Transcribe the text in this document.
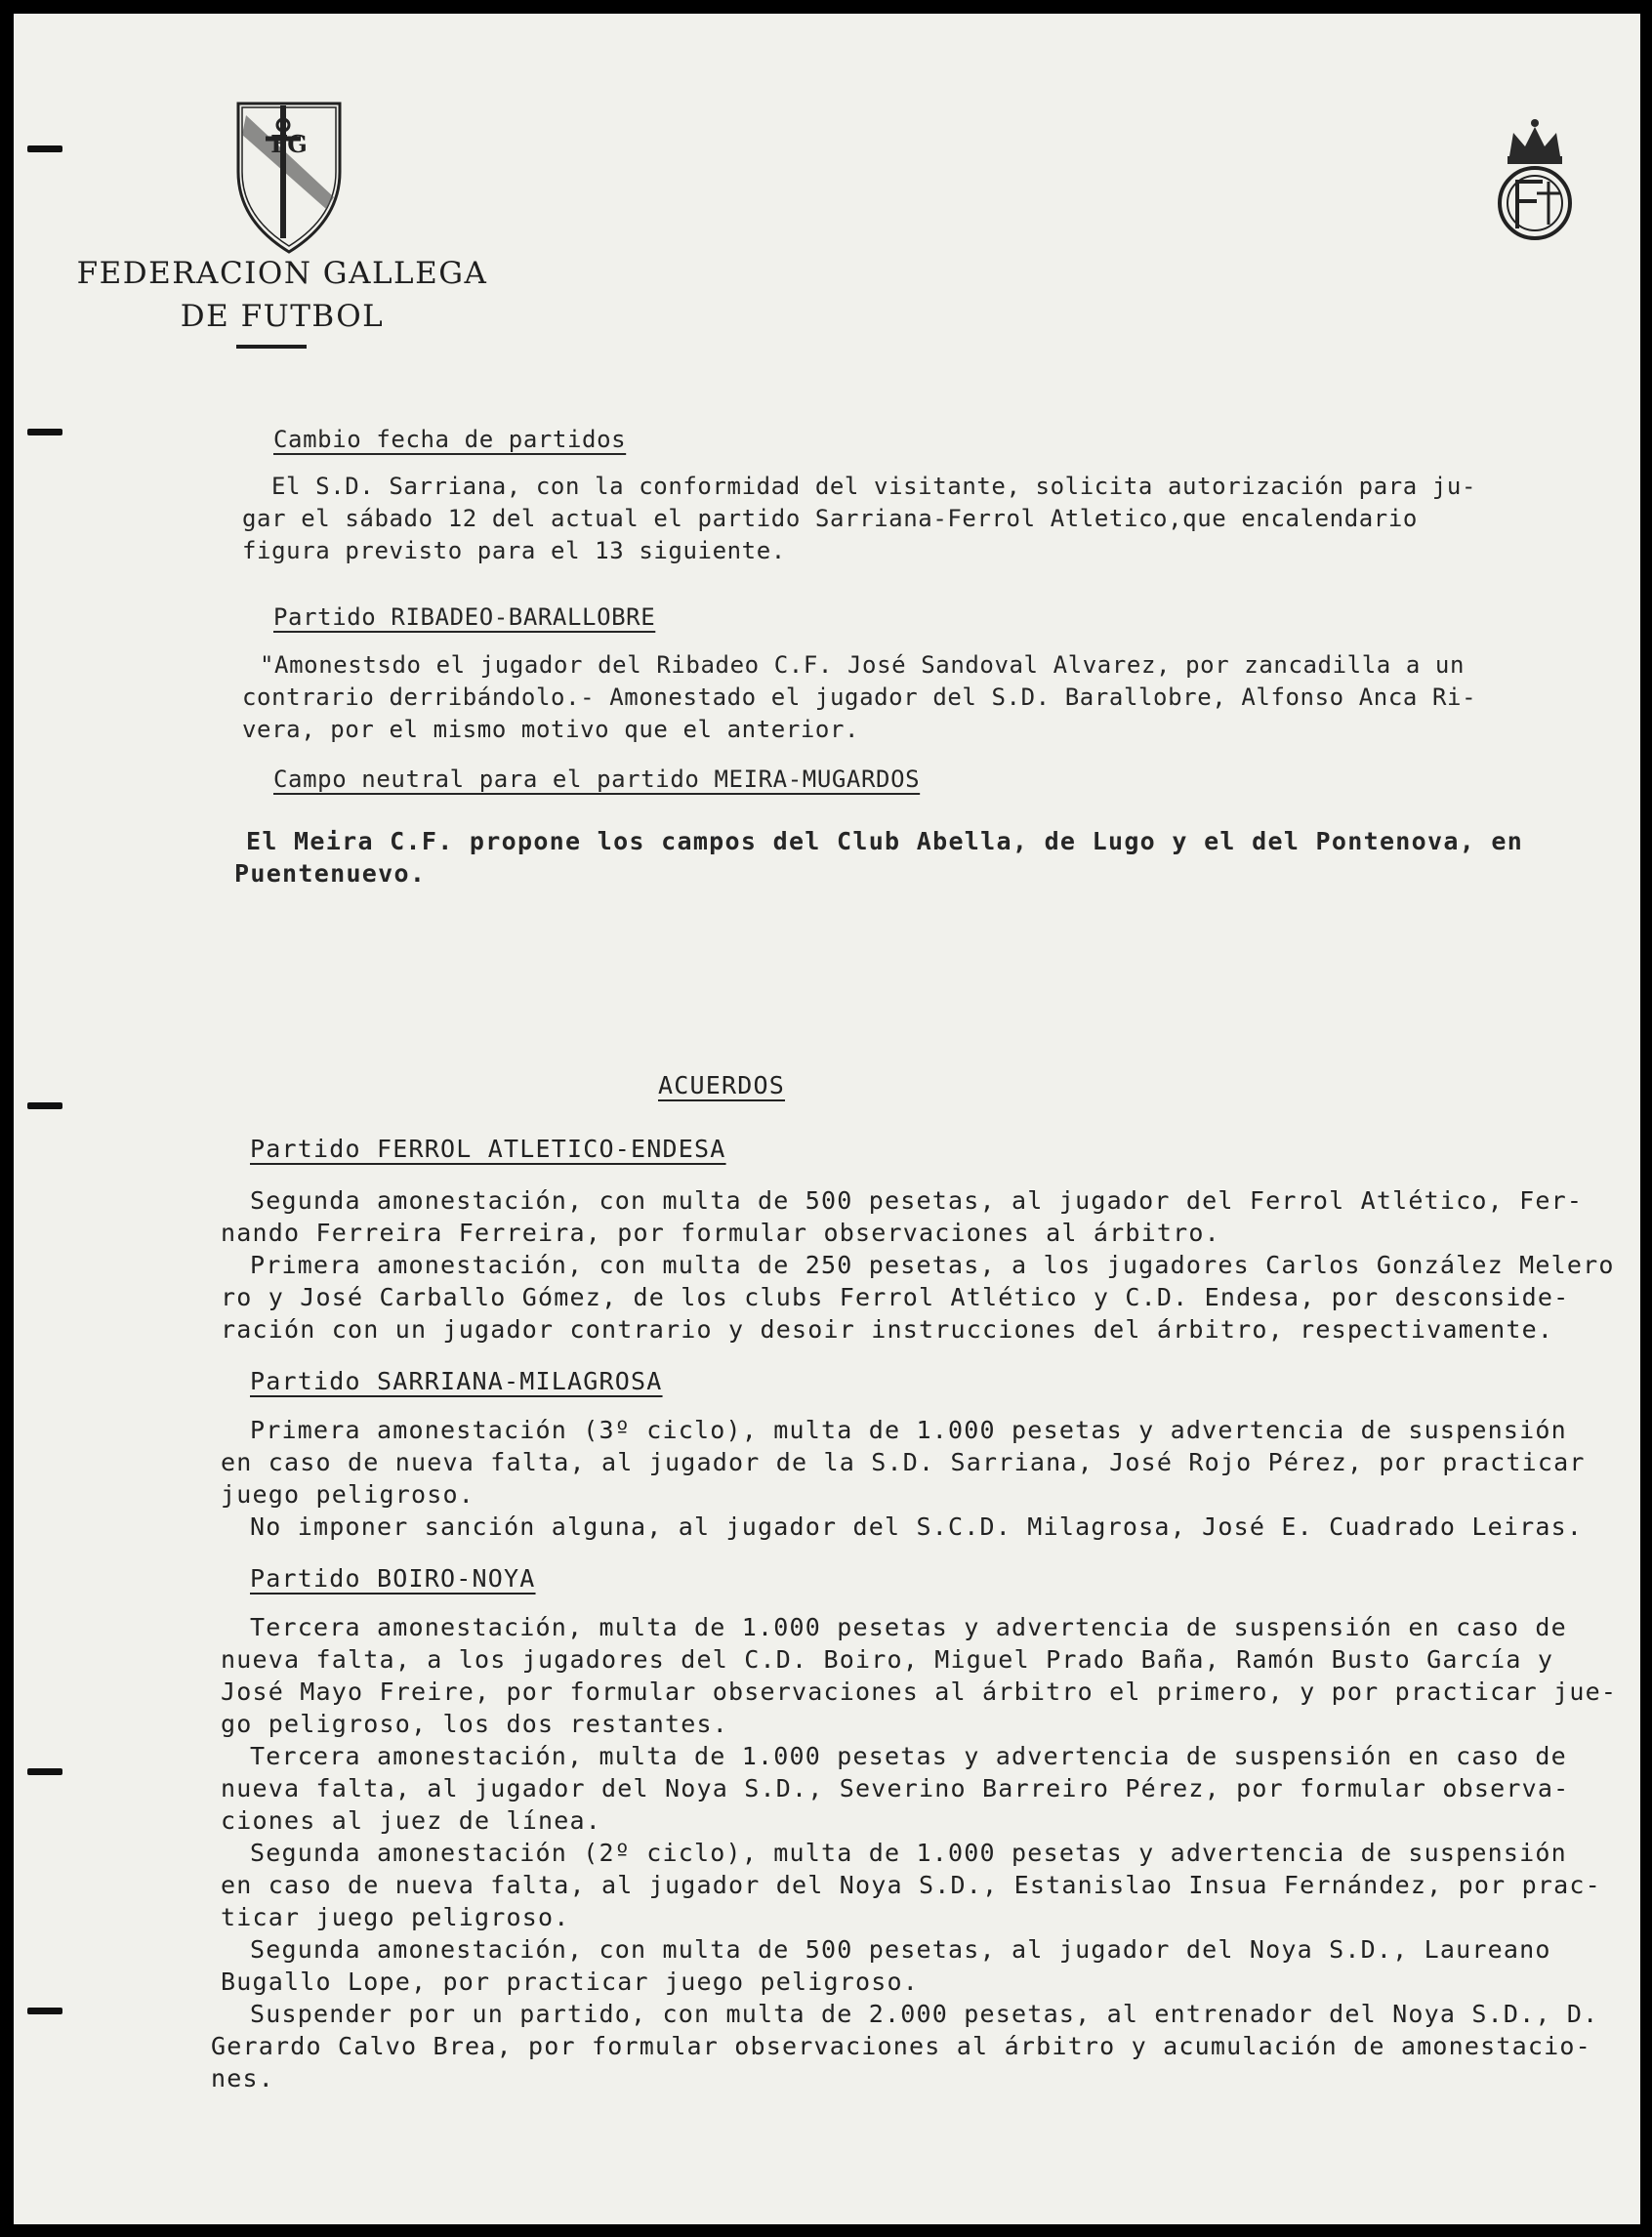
FG
FEDERACION GALLEGA
DE FUTBOL
Cambio fecha de partidos
El S.D. Sarriana, con la conformidad del visitante, solicita autorización para ju-
gar el sábado 12 del actual el partido Sarriana-Ferrol Atletico,que encalendario
figura previsto para el 13 siguiente.
Partido RIBADEO-BARALLOBRE
"Amonestsdo el jugador del Ribadeo C.F. José Sandoval Alvarez, por zancadilla a un
contrario derribándolo.- Amonestado el jugador del S.D. Barallobre, Alfonso Anca Ri-
vera, por el mismo motivo que el anterior.
Campo neutral para el partido MEIRA-MUGARDOS
El Meira C.F. propone los campos del Club Abella, de Lugo y el del Pontenova, en
Puentenuevo.
ACUERDOS
Partido FERROL ATLETICO-ENDESA
Segunda amonestación, con multa de 500 pesetas, al jugador del Ferrol Atlético, Fer-
nando Ferreira Ferreira, por formular observaciones al árbitro.
Primera amonestación, con multa de 250 pesetas, a los jugadores Carlos González Melero
ro y José Carballo Gómez, de los clubs Ferrol Atlético y C.D. Endesa, por desconside-
ración con un jugador contrario y desoir instrucciones del árbitro, respectivamente.
Partido SARRIANA-MILAGROSA
Primera amonestación (3º ciclo), multa de 1.000 pesetas y advertencia de suspensión
en caso de nueva falta, al jugador de la S.D. Sarriana, José Rojo Pérez, por practicar
juego peligroso.
No imponer sanción alguna, al jugador del S.C.D. Milagrosa, José E. Cuadrado Leiras.
Partido BOIRO-NOYA
Tercera amonestación, multa de 1.000 pesetas y advertencia de suspensión en caso de
nueva falta, a los jugadores del C.D. Boiro, Miguel Prado Baña, Ramón Busto García y
José Mayo Freire, por formular observaciones al árbitro el primero, y por practicar jue-
go peligroso, los dos restantes.
Tercera amonestación, multa de 1.000 pesetas y advertencia de suspensión en caso de
nueva falta, al jugador del Noya S.D., Severino Barreiro Pérez, por formular observa-
ciones al juez de línea.
Segunda amonestación (2º ciclo), multa de 1.000 pesetas y advertencia de suspensión
en caso de nueva falta, al jugador del Noya S.D., Estanislao Insua Fernández, por prac-
ticar juego peligroso.
Segunda amonestación, con multa de 500 pesetas, al jugador del Noya S.D., Laureano
Bugallo Lope, por practicar juego peligroso.
Suspender por un partido, con multa de 2.000 pesetas, al entrenador del Noya S.D., D.
Gerardo Calvo Brea, por formular observaciones al árbitro y acumulación de amonestacio-
nes.
